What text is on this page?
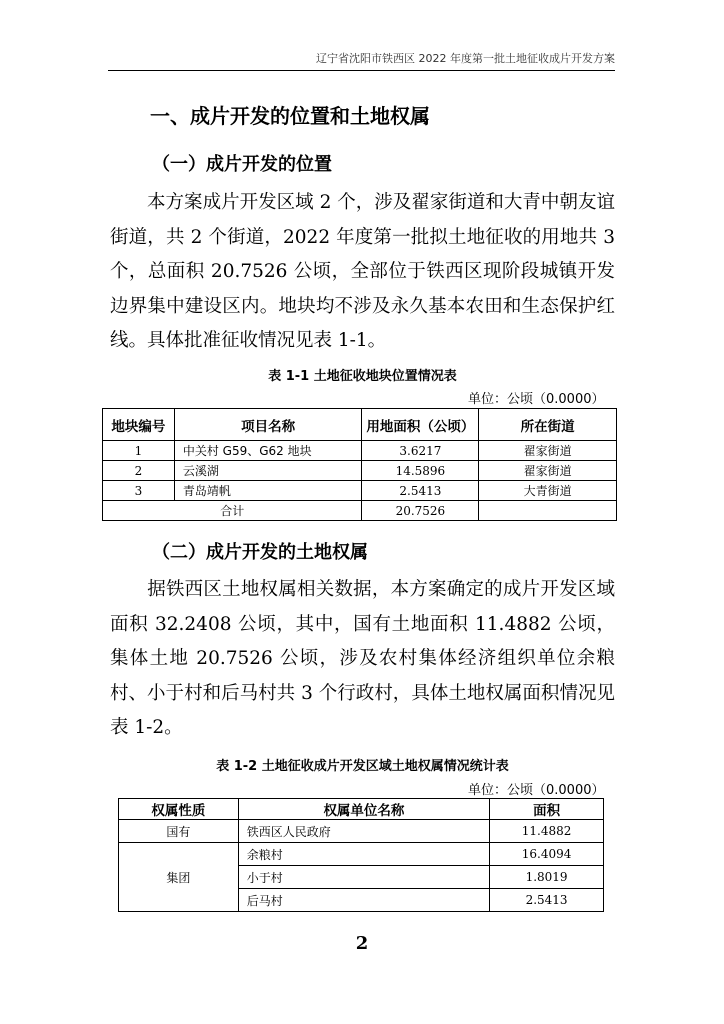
辽宁省沈阳市铁西区 2022 年度第一批土地征收成片开发方案
一、成片开发的位置和土地权属
（一）成片开发的位置

本方案成片开发区域 2 个，涉及翟家街道和大青中朝友谊街道，共 2 个街道，2022 年度第一批拟土地征收的用地共 3 个，总面积 20.7526 公顷，全部位于铁西区现阶段城镇开发边界集中建设区内。地块均不涉及永久基本农田和生态保护红线。具体批准征收情况见表 1-1。

表 1-1 土地征收地块位置情况表
单位：公顷（0.0000）
地块编号	项目名称	用地面积（公顷）	所在街道
1	中关村 G59、G62 地块	3.6217	翟家街道
2	云溪湖	14.5896	翟家街道
3	青岛靖帆	2.5413	大青街道
合计		20.7526	
（二）成片开发的土地权属

据铁西区土地权属相关数据，本方案确定的成片开发区域面积 32.2408 公顷，其中，国有土地面积 11.4882 公顷，集体土地 20.7526 公顷，涉及农村集体经济组织单位余粮村、小于村和后马村共 3 个行政村，具体土地权属面积情况见表 1-2。

表 1-2 土地征收成片开发区域土地权属情况统计表
单位：公顷（0.0000）
权属性质	权属单位名称	面积
国有	铁西区人民政府	11.4882
集团	余粮村	16.4094
	小于村	1.8019
	后马村	2.5413
2
